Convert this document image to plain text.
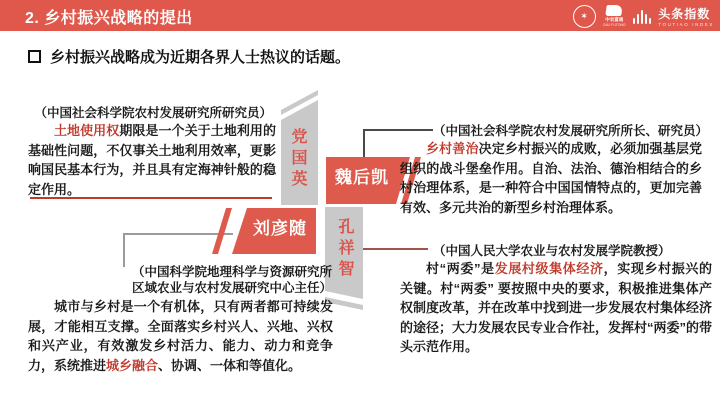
2. 乡村振兴战略的提出	✶	中农富通
CAU FUTONG
头条指数
TOUTIAO INDEX
乡村振兴战略成为近期各界人士热议的话题。
（中国社会科学院农村发展研究所研究员）
土地使用权期限是一个关于土地利用的基础性问题，不仅事关土地利用效率，更影响国民基本行为，并且具有定海神针般的稳定作用。	党国英	魏后凯
（中国社会科学院农村发展研究所所长、研究员）
乡村善治决定乡村振兴的成败，必须加强基层党组织的战斗堡垒作用。自治、法治、德治相结合的乡村治理体系，是一种符合中国国情特点的，更加完善有效、多元共治的新型乡村治理体系。
刘彦随	孔祥智
（中国科学院地理科学与资源研究所
区域农业与农村发展研究中心主任）
城市与乡村是一个有机体，只有两者都可持续发展，才能相互支撑。全面落实乡村兴人、兴地、兴权和兴产业，有效激发乡村活力、能力、动力和竞争力，系统推进城乡融合、协调、一体和等值化。
（中国人民大学农业与农村发展学院教授）
村“两委”是发展村级集体经济，实现乡村振兴的关键。村“两委” 要按照中央的要求，积极推进集体产权制度改革，并在改革中找到进一步发展农村集体经济的途径；大力发展农民专业合作社，发挥村“两委”的带头示范作用。
